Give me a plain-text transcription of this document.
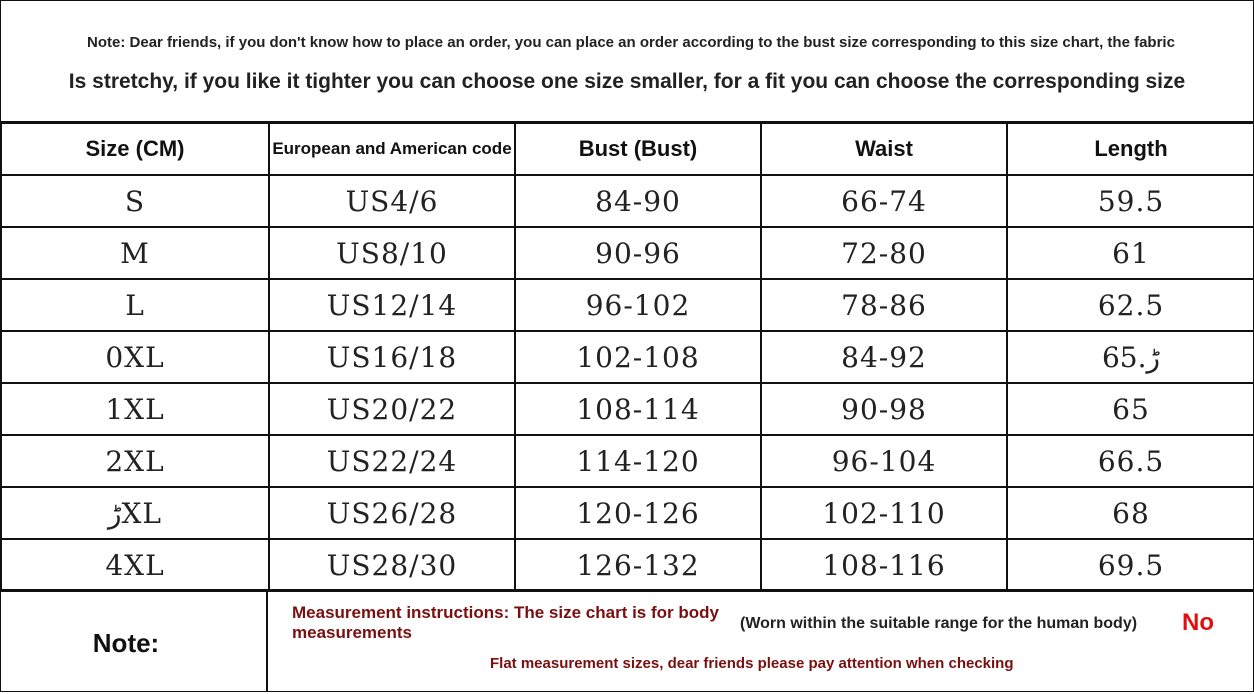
Note: Dear friends, if you don't know how to place an order, you can place an order according to the bust size corresponding to this size chart, the fabric
Is stretchy, if you like it tighter you can choose one size smaller, for a fit you can choose the corresponding size
Size (CM)	European and American code	Bust (Bust)	Waist	Length
S	US4/6	84-90	66-74	59.5
M	US8/10	90-96	72-80	61
L	US12/14	96-102	78-86	62.5
0XL	US16/18	102-108	84-92	6ڑ.5
1XL	US20/22	108-114	90-98	65
2XL	US22/24	114-120	96-104	66.5
ڑXL	US26/28	120-126	102-110	68
4XL	US28/30	126-132	108-116	69.5
Note:
Measurement instructions: The size chart is for body measurements	(Worn within the suitable range for the human body) No
Flat measurement sizes, dear friends please pay attention when checking
